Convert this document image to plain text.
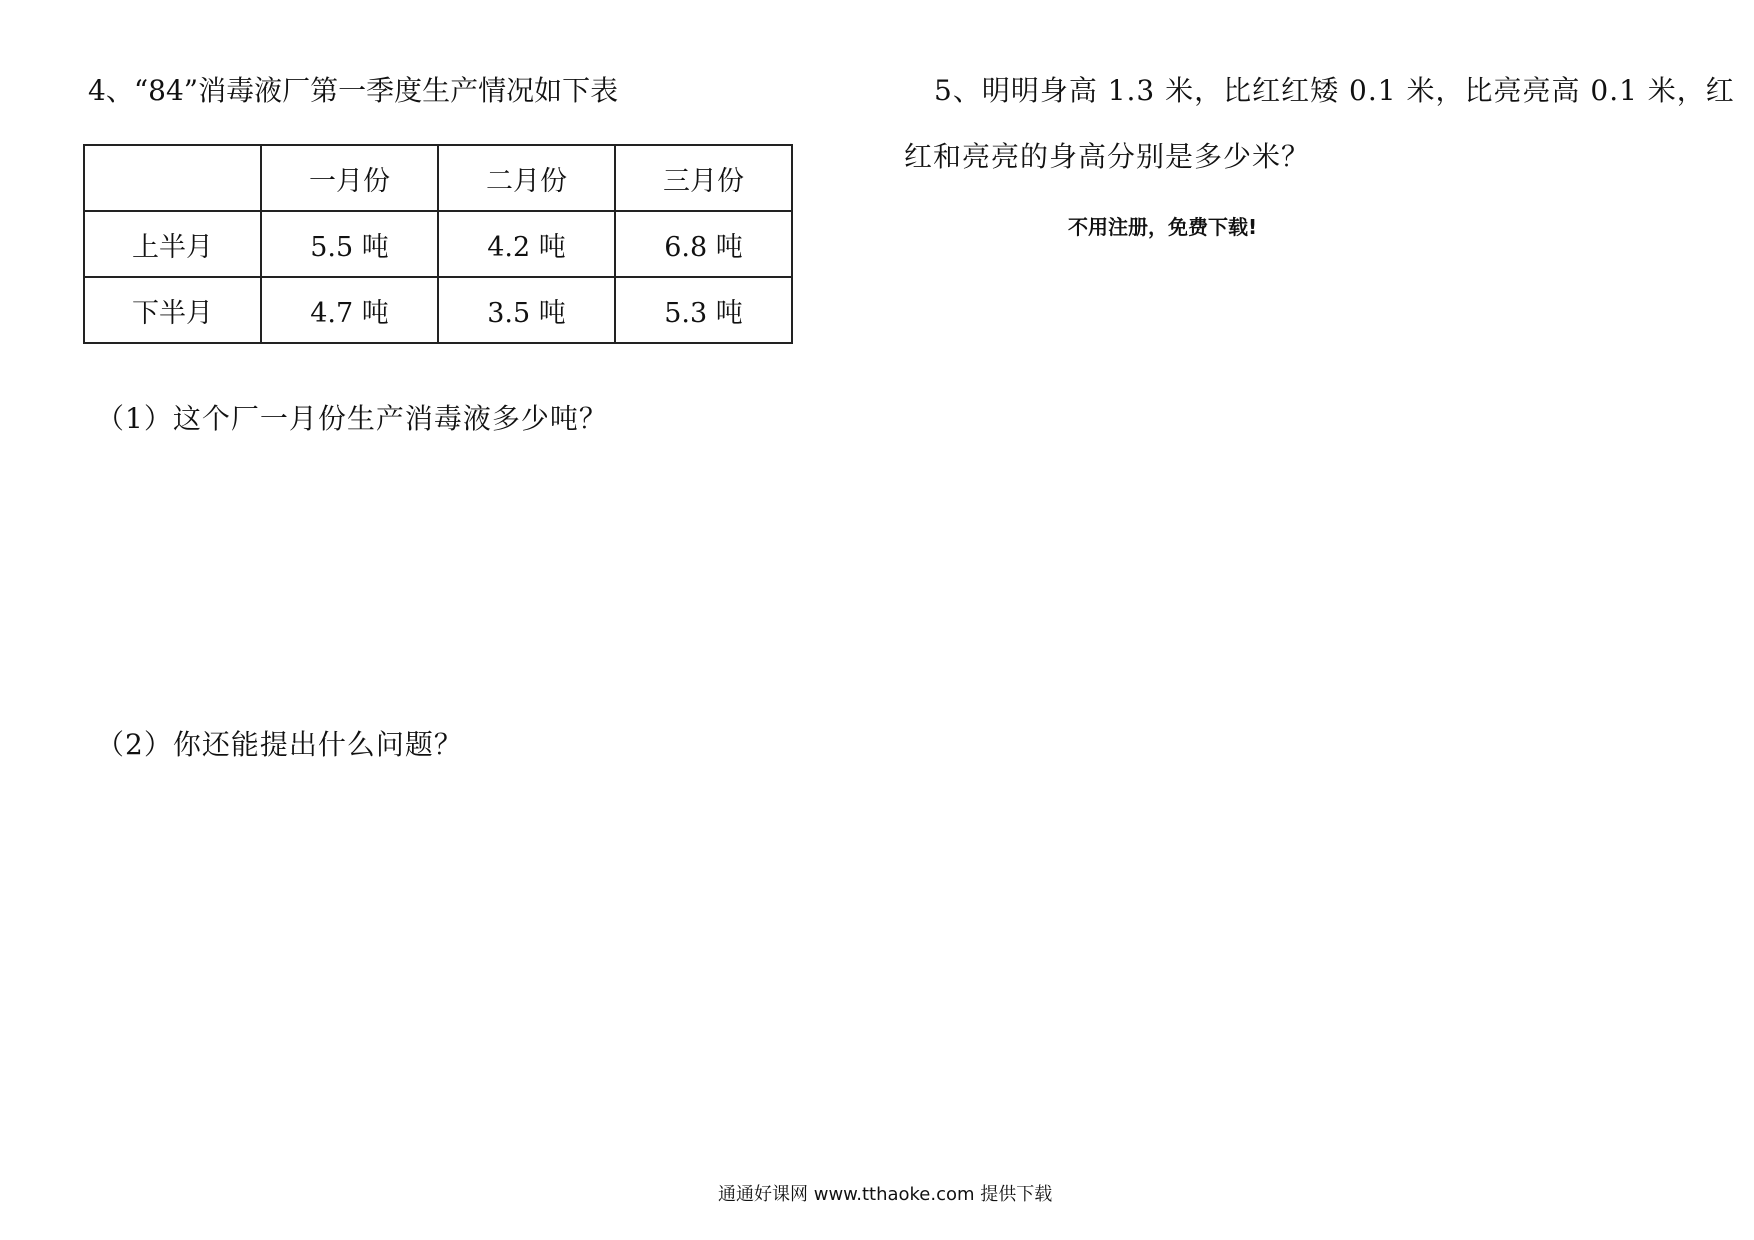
4、“84”消毒液厂第一季度生产情况如下表
	一月份	二月份	三月份
上半月	5.5 吨	4.2 吨	6.8 吨
下半月	4.7 吨	3.5 吨	5.3 吨
（1）这个厂一月份生产消毒液多少吨？
（2）你还能提出什么问题？
5、明明身高 1.3 米，比红红矮 0.1 米，比亮亮高 0.1 米，红
红和亮亮的身高分别是多少米？
不用注册，免费下载!
通通好课网 www.tthaoke.com 提供下载
